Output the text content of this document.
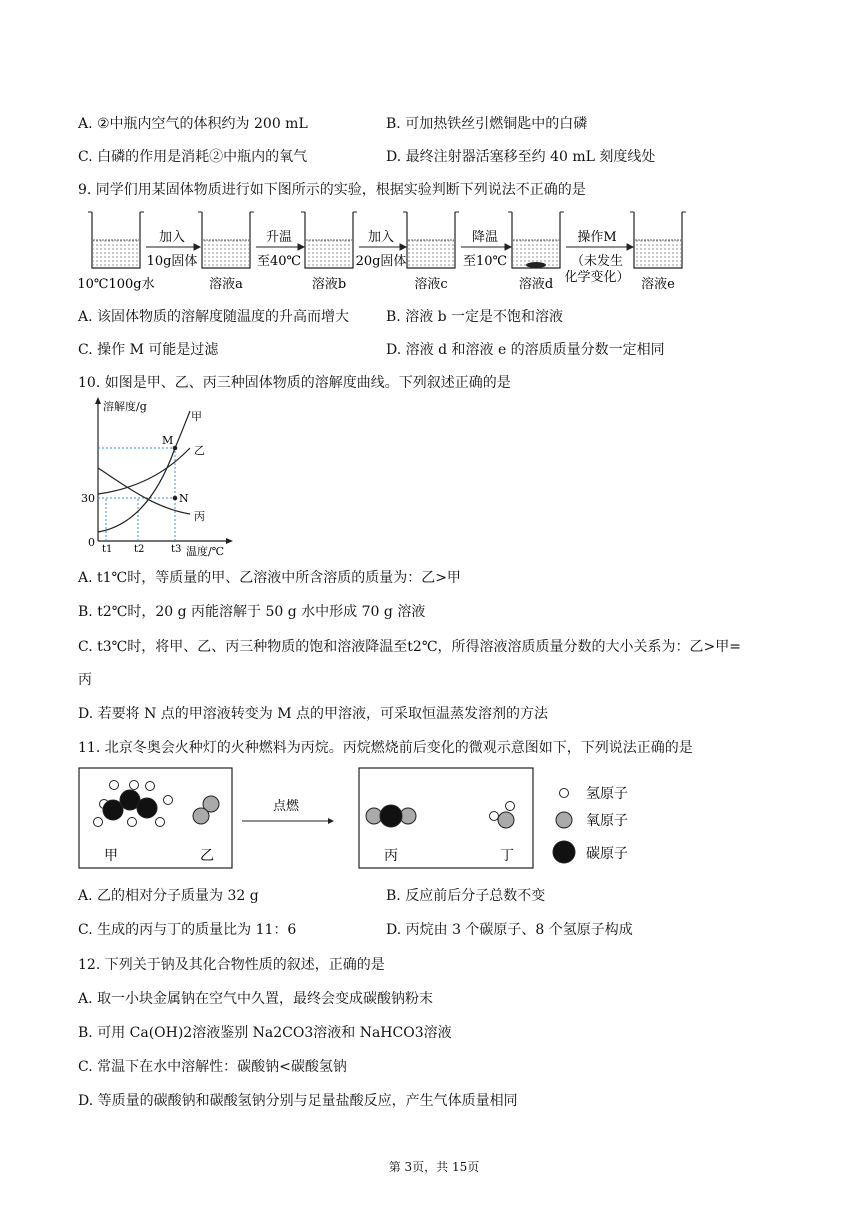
A. ②中瓶内空气的体积约为 200 mL	B. 可加热铁丝引燃铜匙中的白磷
C. 白磷的作用是消耗②中瓶内的氧气	D. 最终注射器活塞移至约 40 mL 刻度线处
9. 同学们用某固体物质进行如下图所示的实验，根据实验判断下列说法不正确的是
加入
10g固体
升温
至40℃
加入
20g固体
降温
至10℃
操作M
（未发生
化学变化）
10℃100g水	溶液a	溶液b	溶液c	溶液d	溶液e
A. 该固体物质的溶解度随温度的升高而增大	B. 溶液 b 一定是不饱和溶液
C. 操作 M 可能是过滤	D. 溶液 d 和溶液 e 的溶质质量分数一定相同
10. 如图是甲、乙、丙三种固体物质的溶解度曲线。下列叙述正确的是
溶解度/g
温度/℃
30
0
t1 t2	t3
甲
乙
丙
M
N
A. t1℃时，等质量的甲、乙溶液中所含溶质的质量为：乙>甲
B. t2℃时，20 g 丙能溶解于 50 g 水中形成 70 g 溶液
C. t3℃时，将甲、乙、丙三种物质的饱和溶液降温至t2℃，所得溶液溶质质量分数的大小关系为：乙>甲=
丙
D. 若要将 N 点的甲溶液转变为 M 点的甲溶液，可采取恒温蒸发溶剂的方法
11. 北京冬奥会火种灯的火种燃料为丙烷。丙烷燃烧前后变化的微观示意图如下，下列说法正确的是
甲	乙
点燃
丙	丁
氢原子
氧原子
碳原子
A. 乙的相对分子质量为 32 g	B. 反应前后分子总数不变
C. 生成的丙与丁的质量比为 11：6	D. 丙烷由 3 个碳原子、8 个氢原子构成
12. 下列关于钠及其化合物性质的叙述，正确的是
A. 取一小块金属钠在空气中久置，最终会变成碳酸钠粉末
B. 可用 Ca(OH)2溶液鉴别 Na2CO3溶液和 NaHCO3溶液
C. 常温下在水中溶解性：碳酸钠<碳酸氢钠
D. 等质量的碳酸钠和碳酸氢钠分别与足量盐酸反应，产生气体质量相同
第 3页，共 15页
